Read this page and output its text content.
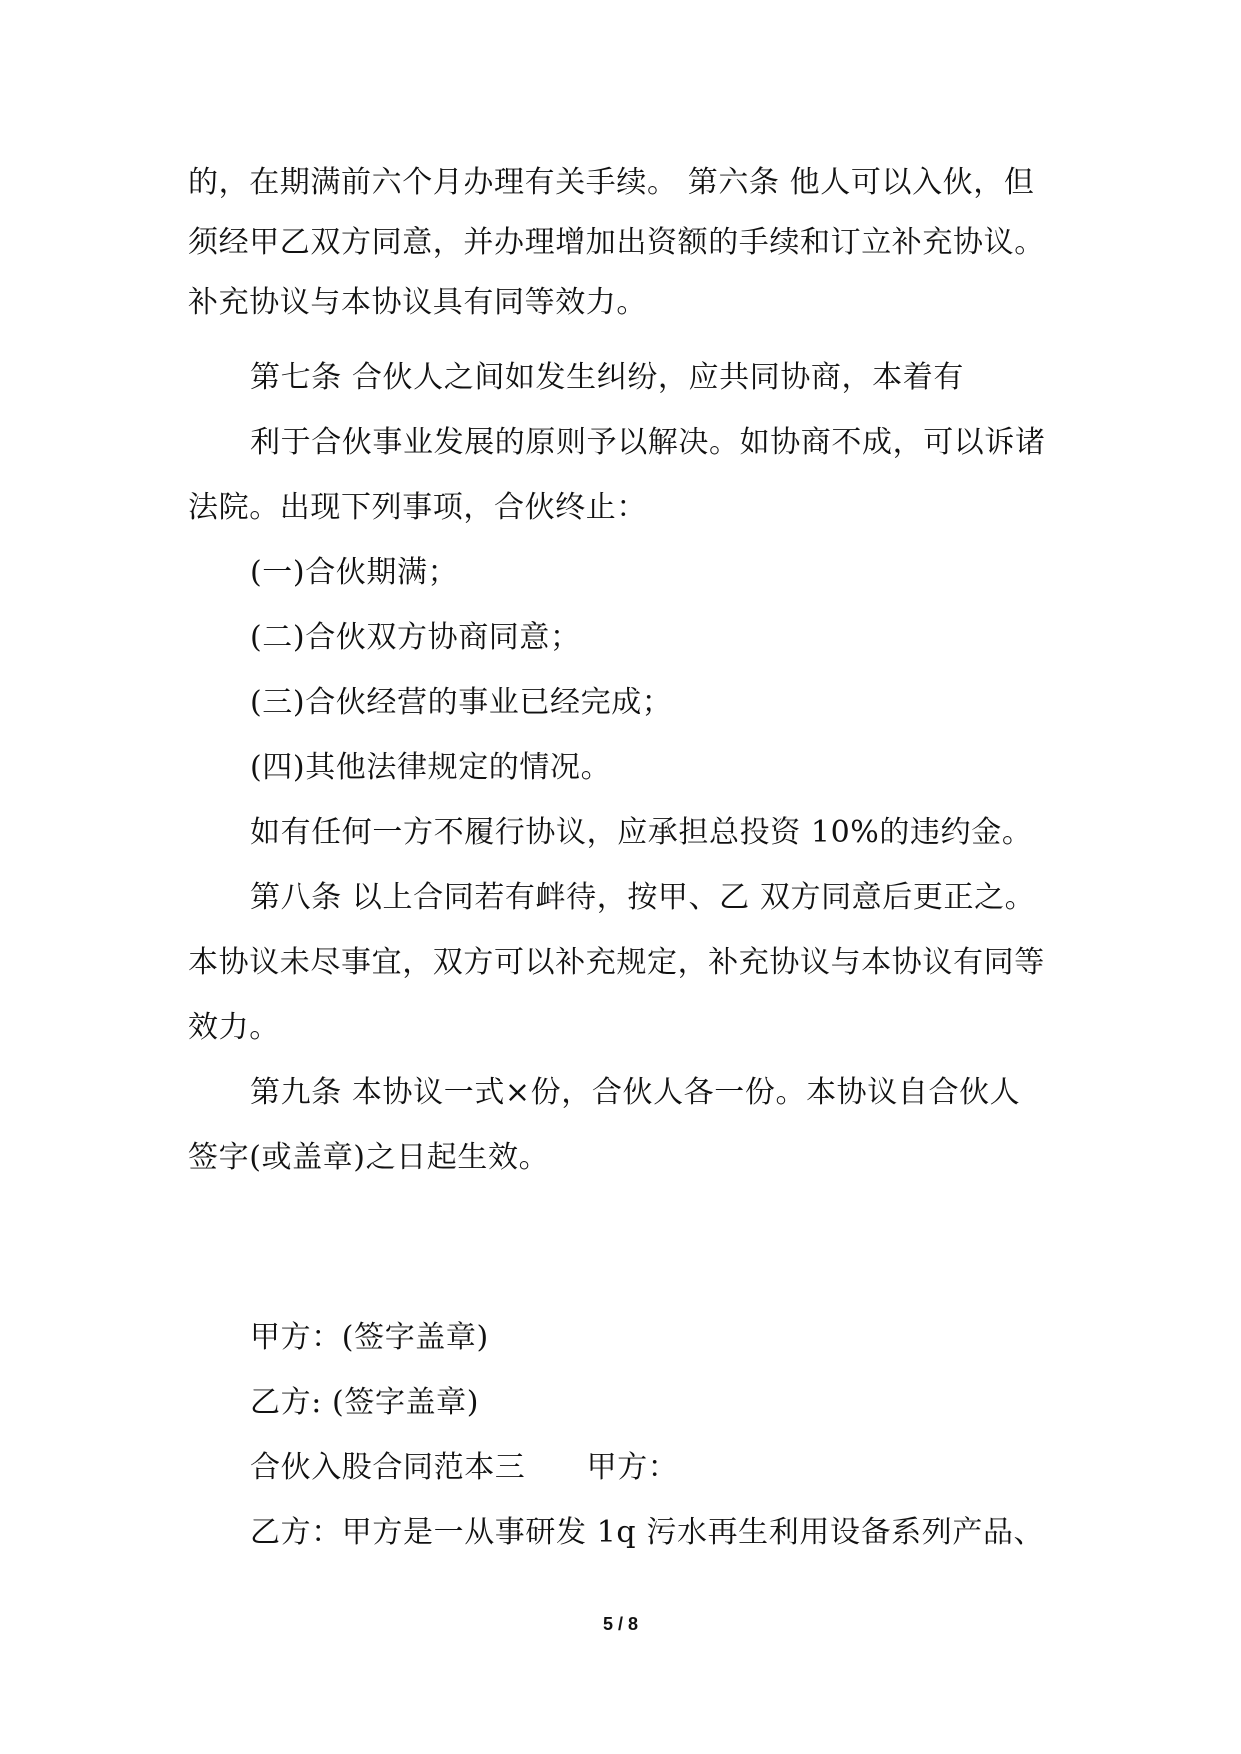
的，在期满前六个月办理有关手续。 第六条 他人可以入伙，但
须经甲乙双方同意，并办理增加出资额的手续和订立补充协议。
补充协议与本协议具有同等效力。
第七条 合伙人之间如发生纠纷，应共同协商，本着有
利于合伙事业发展的原则予以解决。如协商不成，可以诉诸
法院。出现下列事项，合伙终止：
(一)合伙期满；
(二)合伙双方协商同意；
(三)合伙经营的事业已经完成；
(四)其他法律规定的情况。
如有任何一方不履行协议，应承担总投资 10%的违约金。
第八条 以上合同若有衅待，按甲、乙 双方同意后更正之。
本协议未尽事宜，双方可以补充规定，补充协议与本协议有同等
效力。
第九条 本协议一式×份，合伙人各一份。本协议自合伙人
签字(或盖章)之日起生效。
甲方：(签字盖章)
乙方: (签字盖章)
合伙入股合同范本三　　甲方：
乙方：甲方是一从事研发 1q 污水再生利用设备系列产品、
5 / 8
